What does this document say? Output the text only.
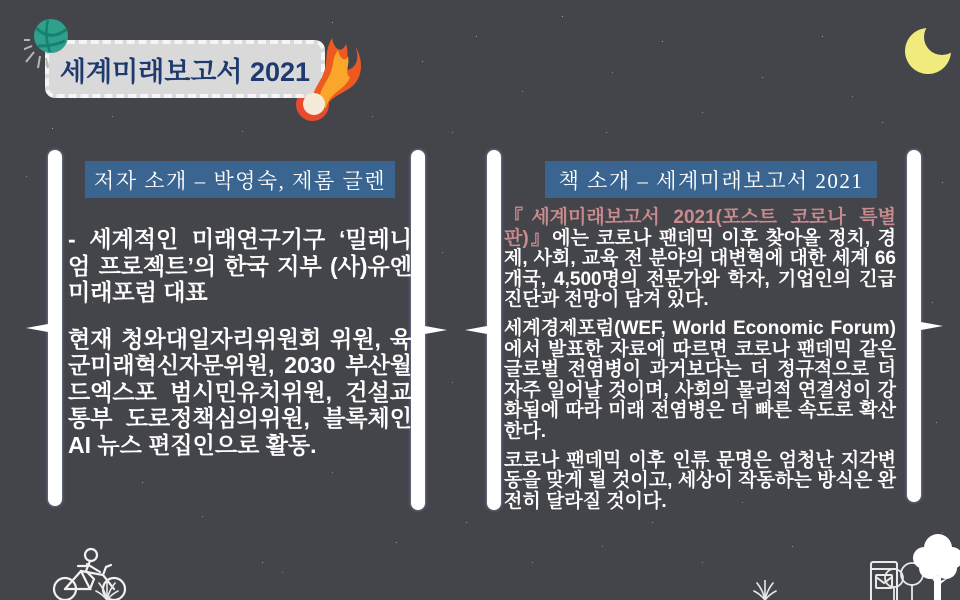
세계미래보고서 2021
저자 소개 – 박영숙, 제롬 글렌

- 세계적인 미래연구기구 ‘밀레니엄 프로젝트’의 한국 지부 (사)유엔 미래포럼 대표

현재 청와대일자리위원회 위원, 육군미래혁신자문위원, 2030 부산월드엑스포 범시민유치위원, 건설교통부 도로정책심의위원, 블록체인 AI 뉴스 편집인으로 활동.

책 소개 – 세계미래보고서 2021

『세계미래보고서 2021(포스트 코로나 특별판)』에는 코로나 팬데믹 이후 찾아올 정치, 경제, 사회, 교육 전 분야의 대변혁에 대한 세계 66개국, 4,500명의 전문가와 학자, 기업인의 긴급 진단과 전망이 담겨 있다.

세계경제포럼(WEF, World Economic Forum)에서 발표한 자료에 따르면 코로나 팬데믹 같은 글로벌 전염병이 과거보다는 더 정규적으로 더 자주 일어날 것이며, 사회의 물리적 연결성이 강화됨에 따라 미래 전염병은 더 빠른 속도로 확산한다.

코로나 팬데믹 이후 인류 문명은 엄청난 지각변동을 맞게 될 것이고, 세상이 작동하는 방식은 완전히 달라질 것이다.
